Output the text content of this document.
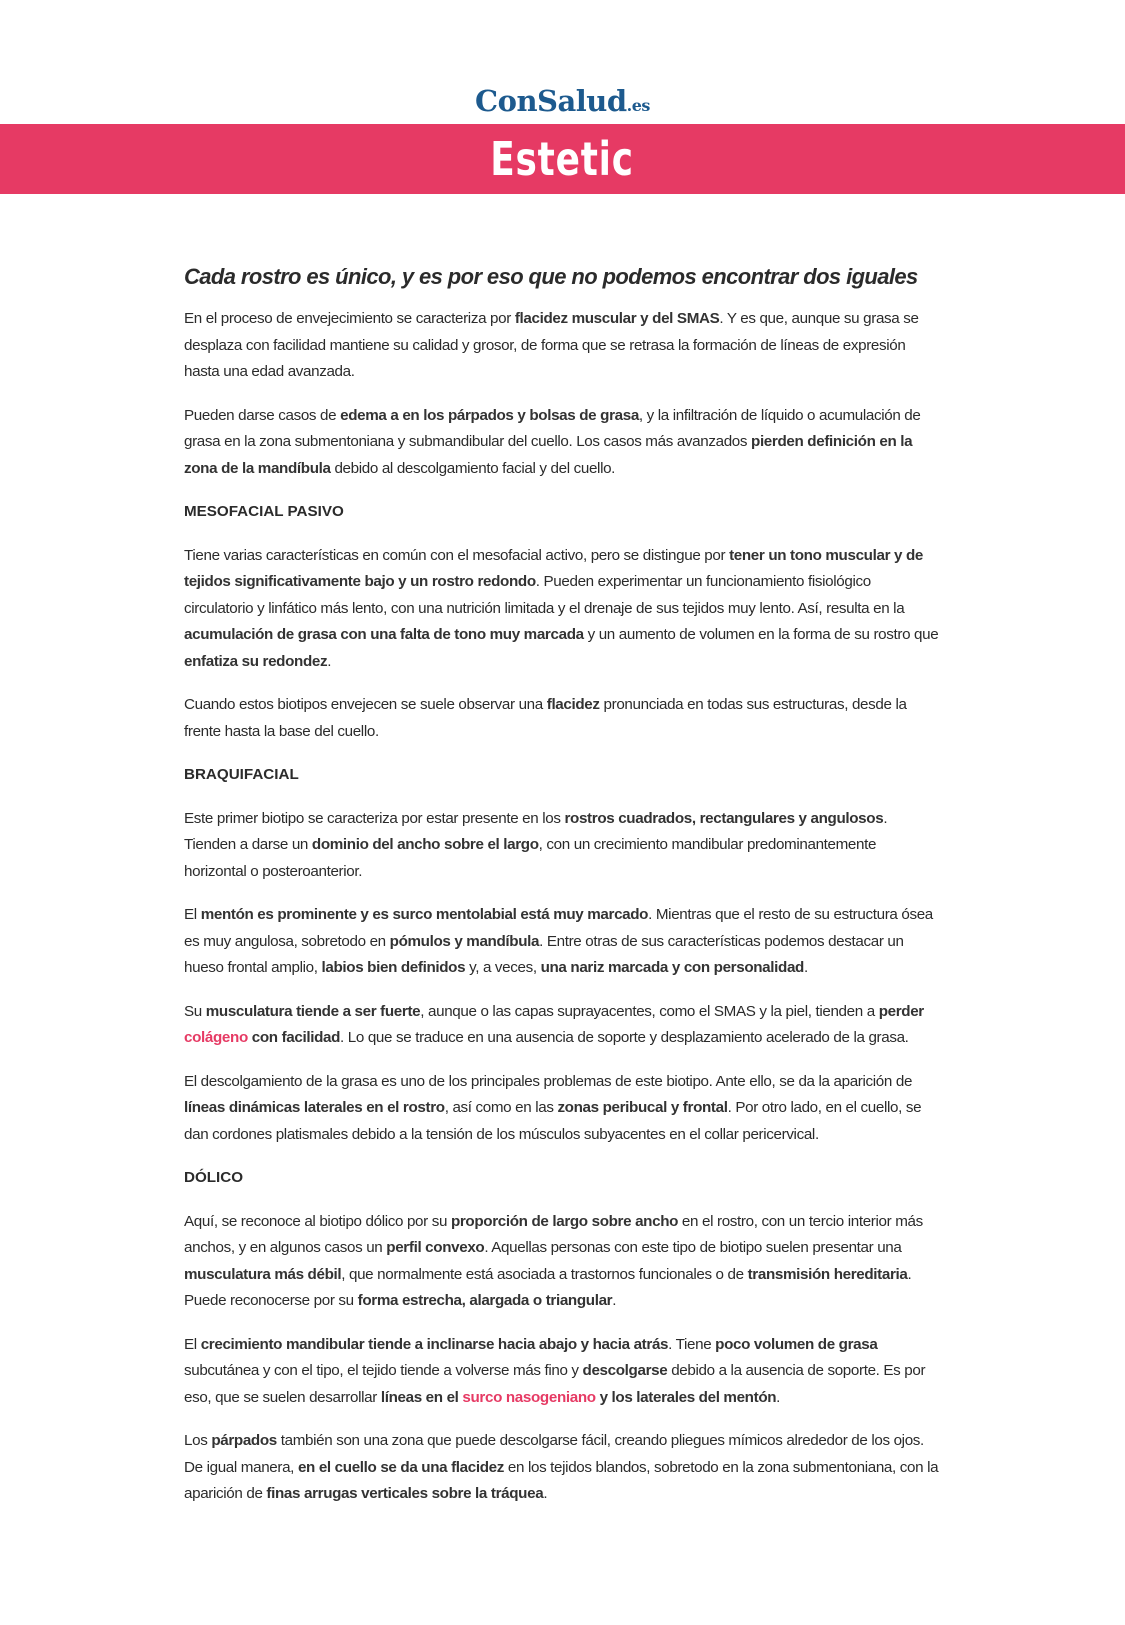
ConSalud.es
Estetic
Cada rostro es único, y es por eso que no podemos encontrar dos iguales

En el proceso de envejecimiento se caracteriza por flacidez muscular y del SMAS. Y es que, aunque su grasa se desplaza con facilidad mantiene su calidad y grosor, de forma que se retrasa la formación de líneas de expresión hasta una edad avanzada.

Pueden darse casos de edema a en los párpados y bolsas de grasa, y la infiltración de líquido o acumulación de grasa en la zona submentoniana y submandibular del cuello. Los casos más avanzados pierden definición en la zona de la mandíbula debido al descolgamiento facial y del cuello.

MESOFACIAL PASIVO

Tiene varias características en común con el mesofacial activo, pero se distingue por tener un tono muscular y de tejidos significativamente bajo y un rostro redondo. Pueden experimentar un funcionamiento fisiológico circulatorio y linfático más lento, con una nutrición limitada y el drenaje de sus tejidos muy lento. Así, resulta en la acumulación de grasa con una falta de tono muy marcada y un aumento de volumen en la forma de su rostro que enfatiza su redondez.

Cuando estos biotipos envejecen se suele observar una flacidez pronunciada en todas sus estructuras, desde la frente hasta la base del cuello.

BRAQUIFACIAL

Este primer biotipo se caracteriza por estar presente en los rostros cuadrados, rectangulares y angulosos. Tienden a darse un dominio del ancho sobre el largo, con un crecimiento mandibular predominantemente horizontal o posteroanterior.

El mentón es prominente y es surco mentolabial está muy marcado. Mientras que el resto de su estructura ósea es muy angulosa, sobretodo en pómulos y mandíbula. Entre otras de sus características podemos destacar un hueso frontal amplio, labios bien definidos y, a veces, una nariz marcada y con personalidad.

Su musculatura tiende a ser fuerte, aunque o las capas suprayacentes, como el SMAS y la piel, tienden a perder colágeno con facilidad. Lo que se traduce en una ausencia de soporte y desplazamiento acelerado de la grasa.

El descolgamiento de la grasa es uno de los principales problemas de este biotipo. Ante ello, se da la aparición de líneas dinámicas laterales en el rostro, así como en las zonas peribucal y frontal. Por otro lado, en el cuello, se dan cordones platismales debido a la tensión de los músculos subyacentes en el collar pericervical.

DÓLICO

Aquí, se reconoce al biotipo dólico por su proporción de largo sobre ancho en el rostro, con un tercio interior más anchos, y en algunos casos un perfil convexo. Aquellas personas con este tipo de biotipo suelen presentar una musculatura más débil, que normalmente está asociada a trastornos funcionales o de transmisión hereditaria. Puede reconocerse por su forma estrecha, alargada o triangular.

El crecimiento mandibular tiende a inclinarse hacia abajo y hacia atrás. Tiene poco volumen de grasa subcutánea y con el tipo, el tejido tiende a volverse más fino y descolgarse debido a la ausencia de soporte. Es por eso, que se suelen desarrollar líneas en el surco nasogeniano y los laterales del mentón.

Los párpados también son una zona que puede descolgarse fácil, creando pliegues mímicos alrededor de los ojos. De igual manera, en el cuello se da una flacidez en los tejidos blandos, sobretodo en la zona submentoniana, con la aparición de finas arrugas verticales sobre la tráquea.
